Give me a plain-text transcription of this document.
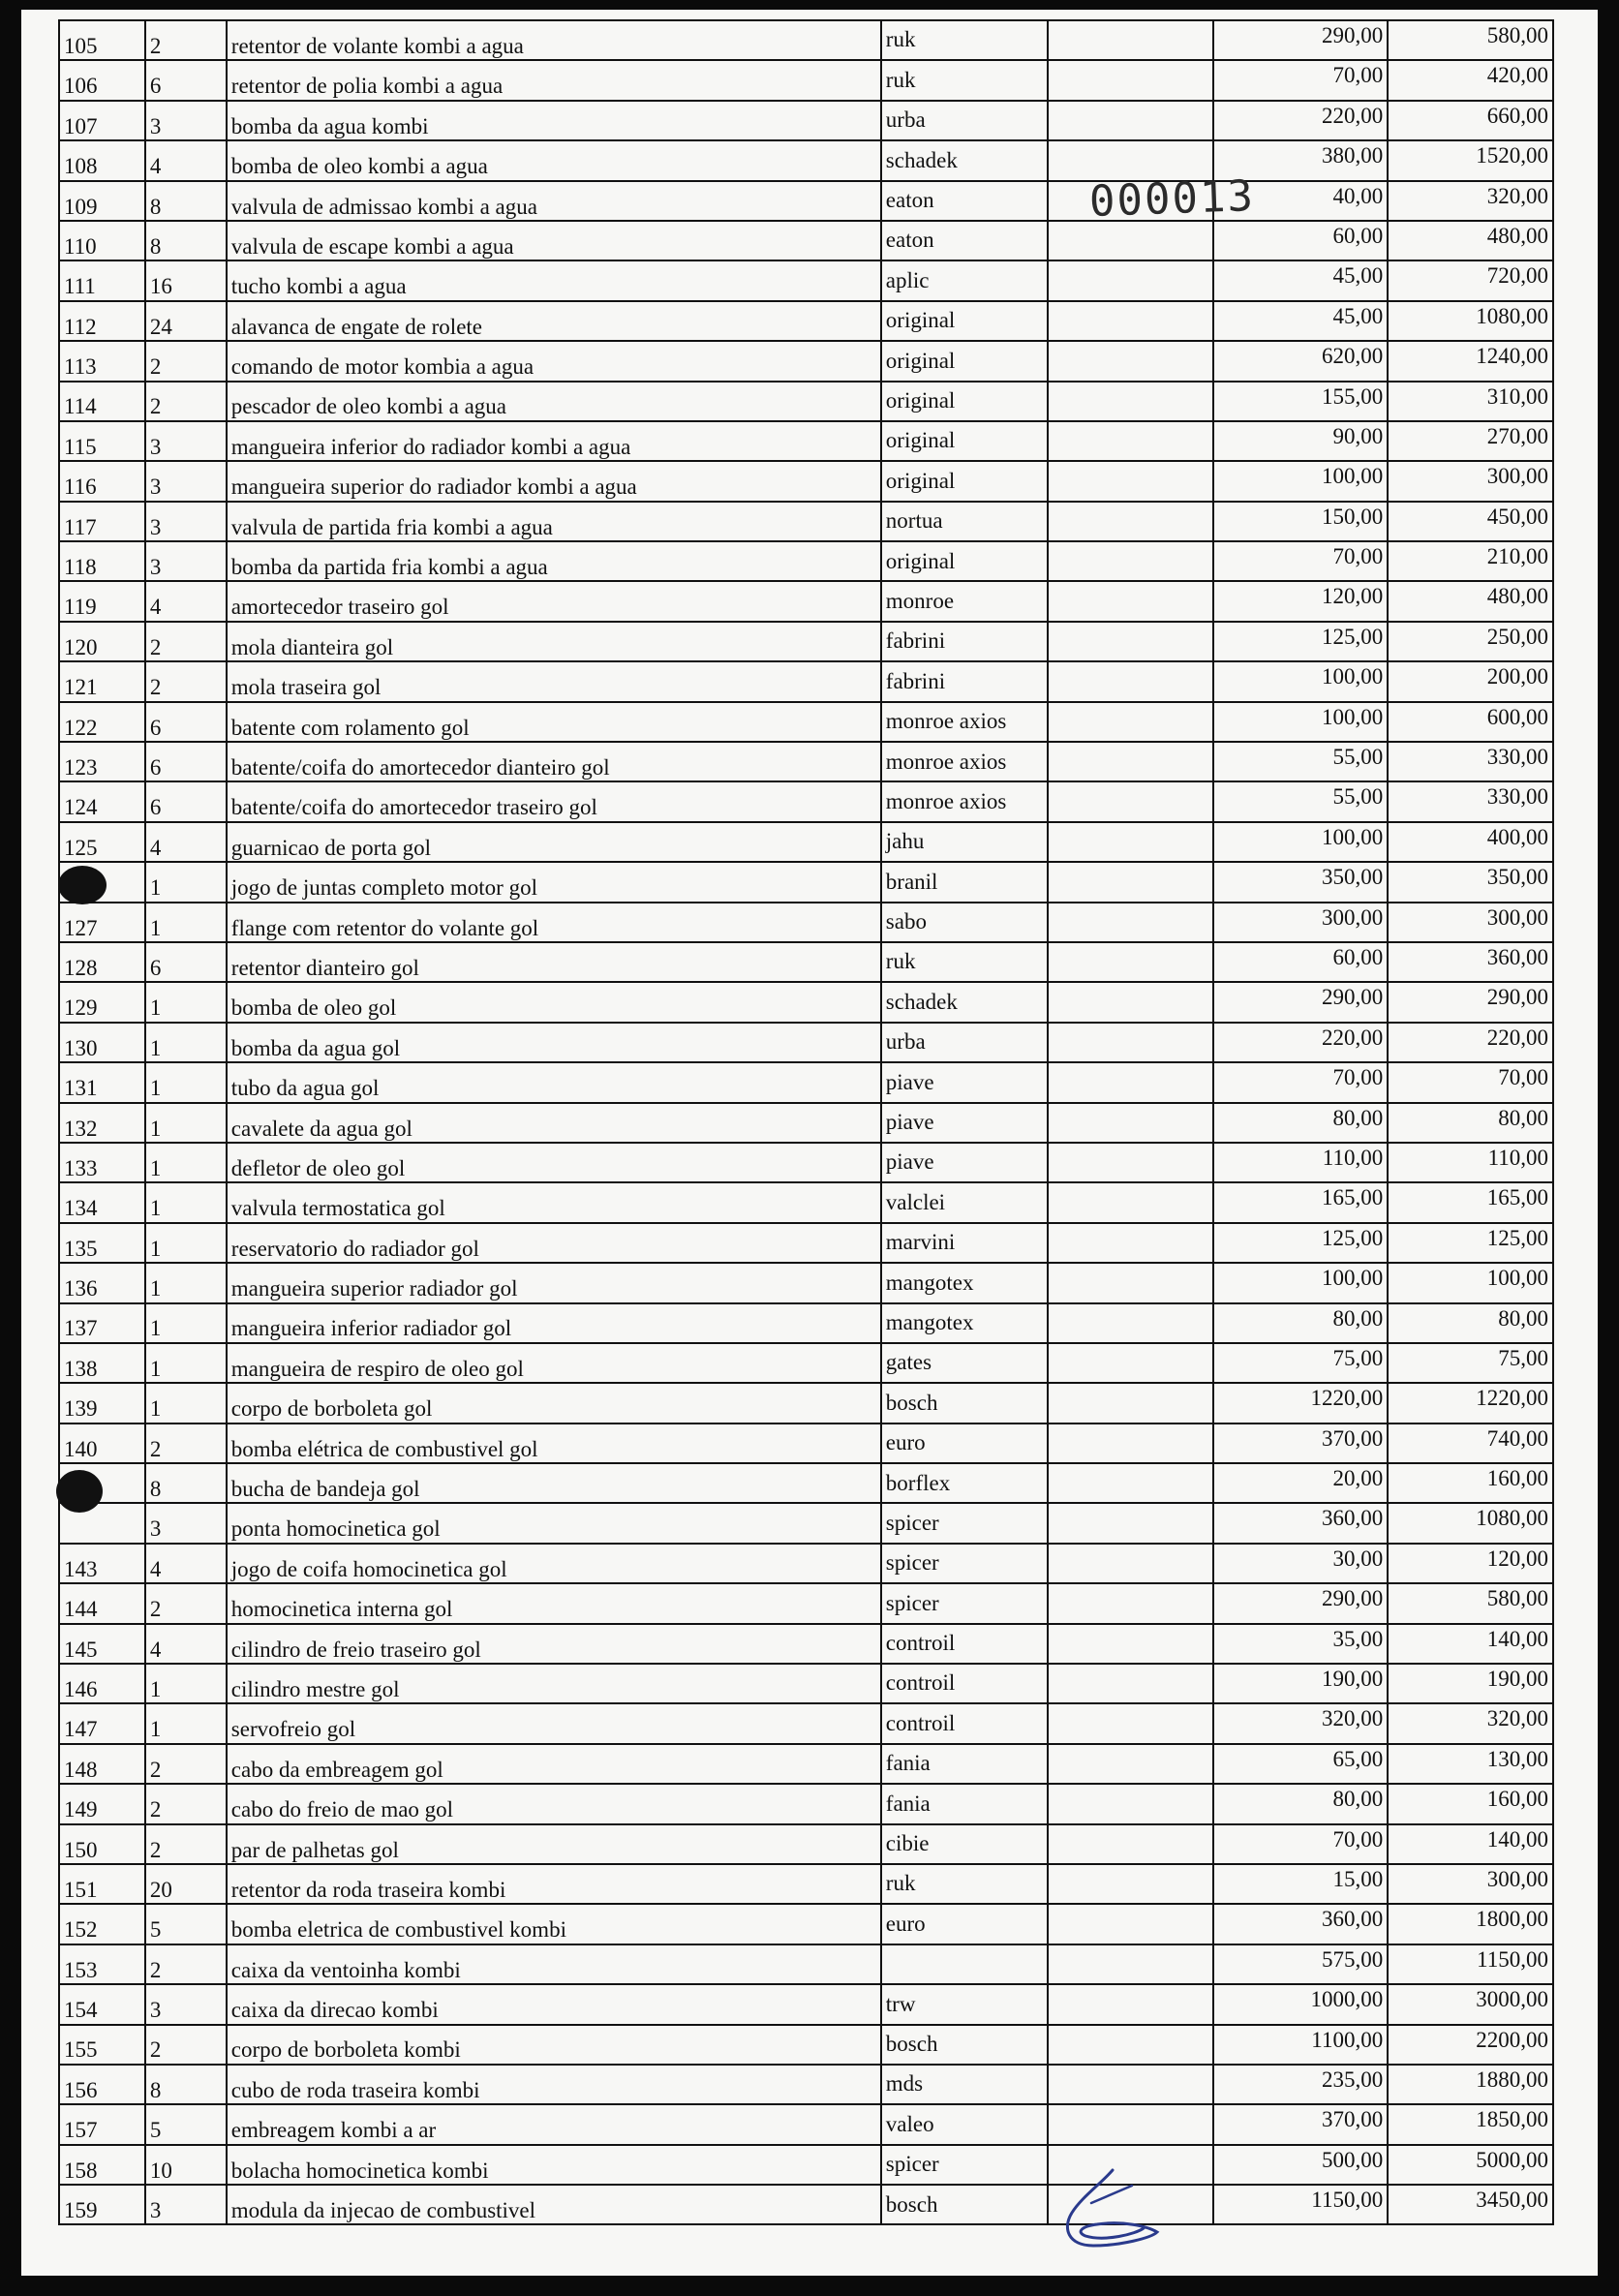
105	2	retentor de volante kombi a agua	ruk		290,00	580,00
106	6	retentor de polia kombi a agua	ruk		70,00	420,00
107	3	bomba da agua kombi	urba		220,00	660,00
108	4	bomba de oleo kombi a agua	schadek		380,00	1520,00
109	8	valvula de admissao kombi a agua	eaton		40,00	320,00
110	8	valvula de escape kombi a agua	eaton		60,00	480,00
111	16	tucho kombi a agua	aplic		45,00	720,00
112	24	alavanca de engate de rolete	original		45,00	1080,00
113	2	comando de motor kombia a agua	original		620,00	1240,00
114	2	pescador de oleo kombi a agua	original		155,00	310,00
115	3	mangueira inferior do radiador kombi a agua	original		90,00	270,00
116	3	mangueira superior do radiador kombi a agua	original		100,00	300,00
117	3	valvula de partida fria kombi a agua	nortua		150,00	450,00
118	3	bomba da partida fria kombi a agua	original		70,00	210,00
119	4	amortecedor traseiro gol	monroe		120,00	480,00
120	2	mola dianteira gol	fabrini		125,00	250,00
121	2	mola traseira gol	fabrini		100,00	200,00
122	6	batente com rolamento gol	monroe axios		100,00	600,00
123	6	batente/coifa do amortecedor dianteiro gol	monroe axios		55,00	330,00
124	6	batente/coifa do amortecedor traseiro gol	monroe axios		55,00	330,00
125	4	guarnicao de porta gol	jahu		100,00	400,00
	1	jogo de juntas completo motor gol	branil		350,00	350,00
127	1	flange com retentor do volante gol	sabo		300,00	300,00
128	6	retentor dianteiro gol	ruk		60,00	360,00
129	1	bomba de oleo gol	schadek		290,00	290,00
130	1	bomba da agua gol	urba		220,00	220,00
131	1	tubo da agua gol	piave		70,00	70,00
132	1	cavalete da agua gol	piave		80,00	80,00
133	1	defletor de oleo gol	piave		110,00	110,00
134	1	valvula termostatica gol	valclei		165,00	165,00
135	1	reservatorio do radiador gol	marvini		125,00	125,00
136	1	mangueira superior radiador gol	mangotex		100,00	100,00
137	1	mangueira inferior radiador gol	mangotex		80,00	80,00
138	1	mangueira de respiro de oleo gol	gates		75,00	75,00
139	1	corpo de borboleta gol	bosch		1220,00	1220,00
140	2	bomba elétrica de combustivel gol	euro		370,00	740,00
	8	bucha de bandeja gol	borflex		20,00	160,00
	3	ponta homocinetica gol	spicer		360,00	1080,00
143	4	jogo de coifa homocinetica gol	spicer		30,00	120,00
144	2	homocinetica interna gol	spicer		290,00	580,00
145	4	cilindro de freio traseiro gol	controil		35,00	140,00
146	1	cilindro mestre gol	controil		190,00	190,00
147	1	servofreio gol	controil		320,00	320,00
148	2	cabo da embreagem gol	fania		65,00	130,00
149	2	cabo do freio de mao gol	fania		80,00	160,00
150	2	par de palhetas gol	cibie		70,00	140,00
151	20	retentor da roda traseira kombi	ruk		15,00	300,00
152	5	bomba eletrica de combustivel kombi	euro		360,00	1800,00
153	2	caixa da ventoinha kombi			575,00	1150,00
154	3	caixa da direcao kombi	trw		1000,00	3000,00
155	2	corpo de borboleta kombi	bosch		1100,00	2200,00
156	8	cubo de roda traseira kombi	mds		235,00	1880,00
157	5	embreagem kombi a ar	valeo		370,00	1850,00
158	10	bolacha homocinetica kombi	spicer		500,00	5000,00
159	3	modula da injecao de combustivel	bosch		1150,00	3450,00
000013
